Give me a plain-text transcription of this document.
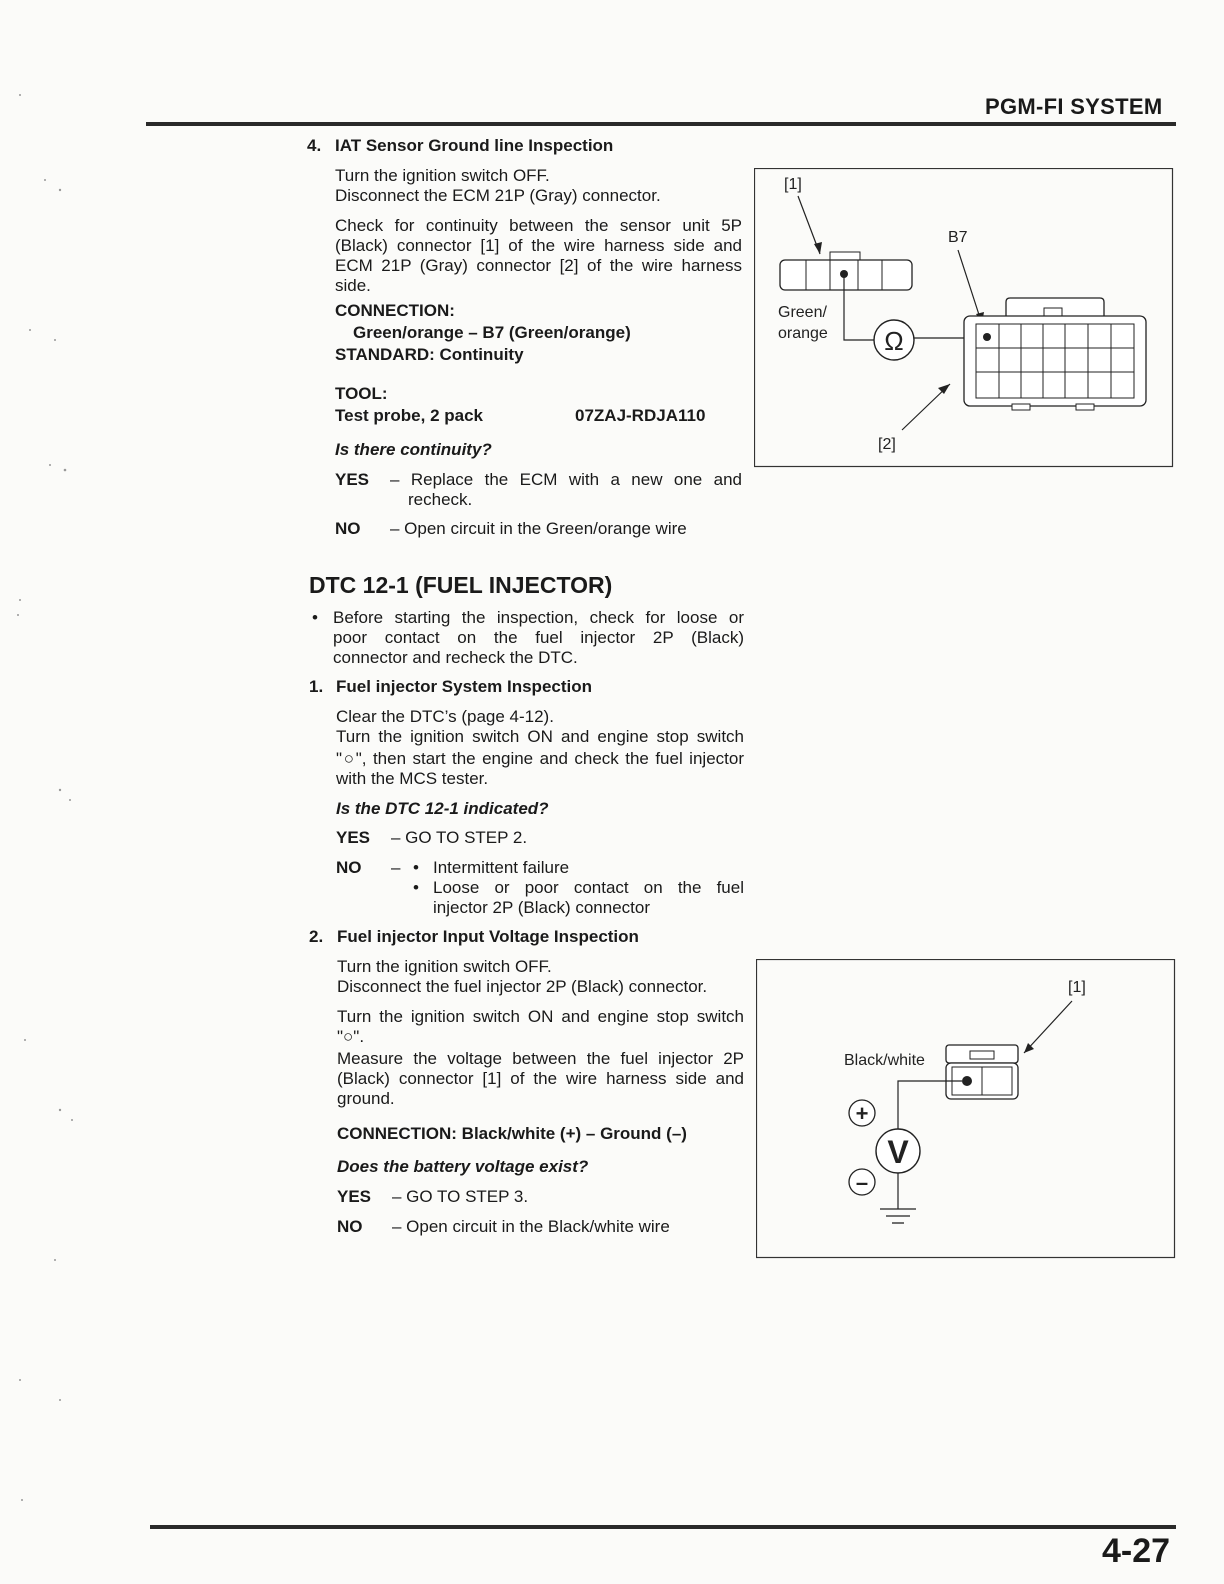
PGM-FI SYSTEM
4. IAT Sensor Ground line Inspection
Turn the ignition switch OFF.
Disconnect the ECM 21P (Gray) connector.
Check for continuity between the sensor unit 5P
(Black) connector [1] of the wire harness side and
ECM 21P (Gray) connector [2] of the wire harness
side.
CONNECTION:
Green/orange – B7 (Green/orange)
STANDARD: Continuity
TOOL:
Test probe, 2 pack	07ZAJ-RDJA110
Is there continuity?
YES – Replace the ECM with a new one and
recheck.
NO – Open circuit in the Green/orange wire
[1]
Green/
orange Ω
B7
[2]
DTC 12-1 (FUEL INJECTOR)
• Before starting the inspection, check for loose or
poor contact on the fuel injector 2P (Black)
connector and recheck the DTC.
1. Fuel injector System Inspection
Clear the DTC’s (page 4-12).
Turn the ignition switch ON and engine stop switch
"○", then start the engine and check the fuel injector
with the MCS tester.
Is the DTC 12-1 indicated?
YES – GO TO STEP 2.
NO – • Intermittent failure
• Loose or poor contact on the fuel
injector 2P (Black) connector
2. Fuel injector Input Voltage Inspection
Turn the ignition switch OFF.
Disconnect the fuel injector 2P (Black) connector.
Turn the ignition switch ON and engine stop switch
"○".
Measure the voltage between the fuel injector 2P
(Black) connector [1] of the wire harness side and
ground.
CONNECTION: Black/white (+) – Ground (–)
Does the battery voltage exist?
YES – GO TO STEP 3.
NO – Open circuit in the Black/white wire
[1]
Black/white
V
+
–
4-27
